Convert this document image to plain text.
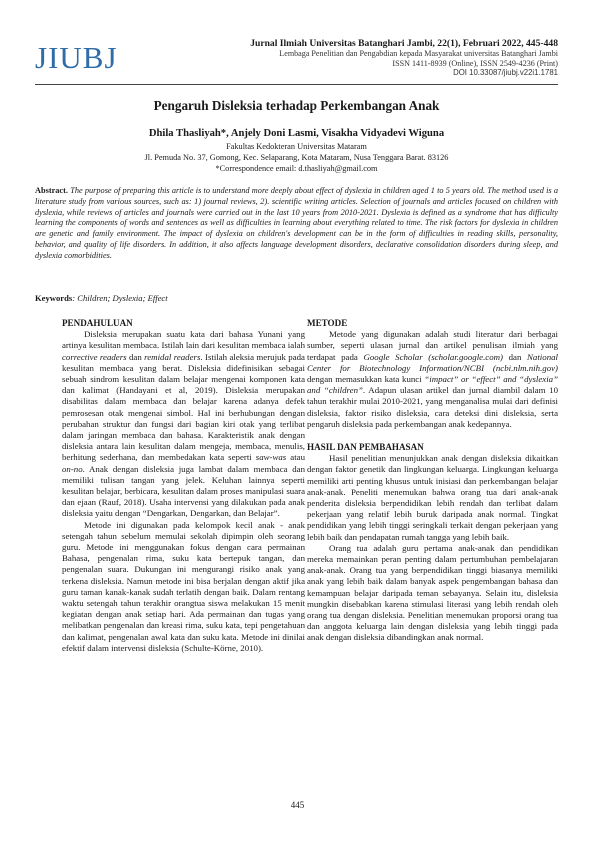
JIUBJ	Jurnal Ilmiah Universitas Batanghari Jambi, 22(1), Februari 2022, 445-448
Lembaga Penelitian dan Pengabdian kepada Masyarakat universitas Batanghari Jambi
ISSN 1411-8939 (Online), ISSN 2549-4236 (Print)
DOI 10.33087/jiubj.v22i1.1781
Pengaruh Disleksia terhadap Perkembangan Anak
Dhila Thasliyah*, Anjely Doni Lasmi, Visakha Vidyadevi Wiguna
Fakultas Kedokteran Universitas Mataram
Jl. Pemuda No. 37, Gomong, Kec. Selaparang, Kota Mataram, Nusa Tenggara Barat. 83126
*Correspondence email: d.thasliyah@gmail.com
Abstract. The purpose of preparing this article is to understand more deeply about effect of dyslexia in children aged 1 to 5 years old. The method used is a literature study from various sources, such as: 1) journal reviews, 2). scientific writing articles. Selection of journals and articles focused on children with dyslexia, while reviews of articles and journals were carried out in the last 10 years from 2010-2021. Dyslexia is defined as a syndrome that has difficulty learning the components of words and sentences as well as difficulties in learning about everything related to time. The risk factors for dyslexia in children are genetic and family environment. The impact of dyslexia on children's development can be in the form of difficulties in reading skills, personality, behavior, and quality of life disorders. In addition, it also affects language development disorders, declarative consolidation disorders during sleep, and dyslexia comorbidities.
Keywords: Children; Dyslexia; Effect
PENDAHULUAN

Disleksia merupakan suatu kata dari bahasa Yunani yang artinya kesulitan membaca. Istilah lain dari kesulitan membaca ialah corrective readers dan remidal readers. Istilah aleksia merujuk pada kesulitan membaca yang berat. Disleksia didefinisikan sebagai sebuah sindrom kesulitan dalam belajar mengenai komponen kata dan kalimat (Handayani et al, 2019). Disleksia merupakan disabilitas dalam membaca dan belajar karena adanya defek pemrosesan otak mengenai simbol. Hal ini berhubungan dengan perubahan struktur dan fungsi dari bagian kiri otak yang terlibat dalam jaringan membaca dan bahasa. Karakteristik anak dengan disleksia antara lain kesulitan dalam mengeja, membaca, menulis, berhitung sederhana, dan membedakan kata seperti saw-was atau on-no. Anak dengan disleksia juga lambat dalam membaca dan memiliki tulisan tangan yang jelek. Keluhan lainnya seperti kesulitan belajar, berbicara, kesulitan dalam proses manipulasi suara dan ejaan (Rauf, 2018). Usaha intervensi yang dilakukan pada anak disleksia yaitu dengan “Dengarkan, Dengarkan, dan Belajar”.

Metode ini digunakan pada kelompok kecil anak - anak setengah tahun sebelum memulai sekolah dipimpin oleh seorang guru. Metode ini menggunakan fokus dengan cara permainan Bahasa, pengenalan rima, suku kata bertepuk tangan, dan pengenalan suara. Dukungan ini mengurangi risiko anak yang terkena disleksia. Namun metode ini bisa berjalan dengan aktif jika guru taman kanak-kanak sudah terlatih dengan baik. Dalam rentang waktu setengah tahun terakhir orangtua siswa melakukan 15 menit kegiatan dengan anak setiap hari. Ada permainan dan tugas yang melibatkan pengenalan dan kreasi rima, suku kata, tepi pengetahuan dan kalimat, pengenalan awal kata dan suku kata. Metode ini dinilai efektif dalam intervensi disleksia (Schulte-Körne, 2010).

METODE

Metode yang digunakan adalah studi literatur dari berbagai sumber, seperti ulasan jurnal dan artikel penulisan ilmiah yang terdapat pada Google Scholar (scholar.google.com) dan National Center for Biotechnology Information/NCBI (ncbi.nlm.nih.gov) dengan memasukkan kata kunci “impact” or “effect” and “dyslexia” and “children”. Adapun ulasan artikel dan jurnal diambil dalam 10 tahun terakhir mulai 2010-2021, yang menganalisa mulai dari definisi disleksia, faktor risiko disleksia, cara deteksi dini disleksia, serta pengaruh disleksia pada perkembangan anak kedepannya.

HASIL DAN PEMBAHASAN

Hasil penelitian menunjukkan anak dengan disleksia dikaitkan dengan faktor genetik dan lingkungan keluarga. Lingkungan keluarga memiliki arti penting khusus untuk inisiasi dan perkembangan belajar anak-anak. Peneliti menemukan bahwa orang tua dari anak-anak penderita disleksia berpendidikan lebih rendah dan terlibat dalam pekerjaan yang relatif lebih buruk daripada anak normal. Tingkat pendidikan yang lebih tinggi seringkali terkait dengan pekerjaan yang lebih baik dan pendapatan rumah tangga yang lebih baik.

Orang tua adalah guru pertama anak-anak dan pendidikan mereka memainkan peran penting dalam pertumbuhan pembelajaran anak-anak. Orang tua yang berpendidikan tinggi biasanya memiliki anak yang lebih baik dalam banyak aspek pengembangan bahasa dan kemampuan belajar daripada teman sebayanya. Selain itu, disleksia mungkin disebabkan karena stimulasi literasi yang lebih rendah oleh orang tua dengan disleksia. Penelitian menemukan proporsi orang tua dan anggota keluarga lain dengan disleksia yang lebih tinggi pada anak dengan disleksia dibandingkan anak normal.

445
